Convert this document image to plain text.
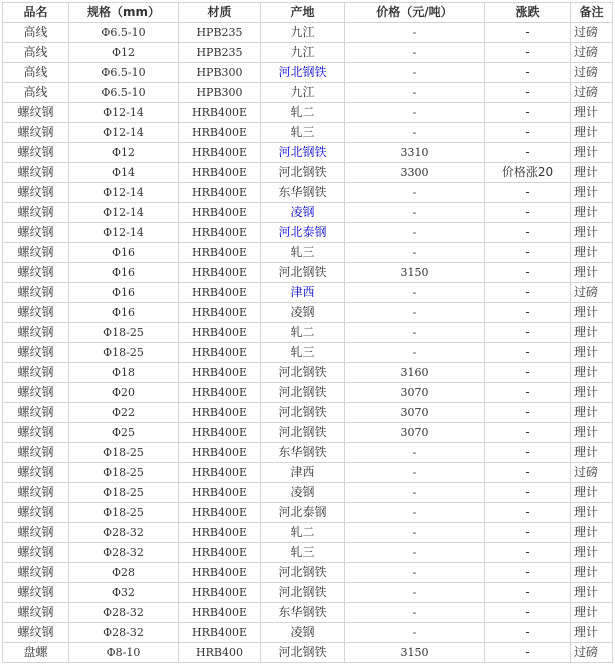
品名	规格（mm）	材质	产地	价格（元/吨）	涨跌	备注
高线	Φ6.5-10	HPB235	九江	-	-	过磅
高线	Φ12	HPB235	九江	-	-	过磅
高线	Φ6.5-10	HPB300	河北钢铁	-	-	过磅
高线	Φ6.5-10	HPB300	九江	-	-	过磅
螺纹钢	Φ12-14	HRB400E	轧二	-	-	理计
螺纹钢	Φ12-14	HRB400E	轧三	-	-	理计
螺纹钢	Φ12	HRB400E	河北钢铁	3310	-	理计
螺纹钢	Φ14	HRB400E	河北钢铁	3300	价格涨20	理计
螺纹钢	Φ12-14	HRB400E	东华钢铁	-	-	理计
螺纹钢	Φ12-14	HRB400E	凌钢	-	-	理计
螺纹钢	Φ12-14	HRB400E	河北泰钢	-	-	理计
螺纹钢	Φ16	HRB400E	轧三	-	-	理计
螺纹钢	Φ16	HRB400E	河北钢铁	3150	-	理计
螺纹钢	Φ16	HRB400E	津西	-	-	过磅
螺纹钢	Φ16	HRB400E	凌钢	-	-	理计
螺纹钢	Φ18-25	HRB400E	轧二	-	-	理计
螺纹钢	Φ18-25	HRB400E	轧三	-	-	理计
螺纹钢	Φ18	HRB400E	河北钢铁	3160	-	理计
螺纹钢	Φ20	HRB400E	河北钢铁	3070	-	理计
螺纹钢	Φ22	HRB400E	河北钢铁	3070	-	理计
螺纹钢	Φ25	HRB400E	河北钢铁	3070	-	理计
螺纹钢	Φ18-25	HRB400E	东华钢铁	-	-	理计
螺纹钢	Φ18-25	HRB400E	津西	-	-	过磅
螺纹钢	Φ18-25	HRB400E	凌钢	-	-	理计
螺纹钢	Φ18-25	HRB400E	河北泰钢	-	-	理计
螺纹钢	Φ28-32	HRB400E	轧二	-	-	理计
螺纹钢	Φ28-32	HRB400E	轧三	-	-	理计
螺纹钢	Φ28	HRB400E	河北钢铁	-	-	理计
螺纹钢	Φ32	HRB400E	河北钢铁	-	-	理计
螺纹钢	Φ28-32	HRB400E	东华钢铁	-	-	理计
螺纹钢	Φ28-32	HRB400E	凌钢	-	-	理计
盘螺	Φ8-10	HRB400	河北钢铁	3150	-	过磅
